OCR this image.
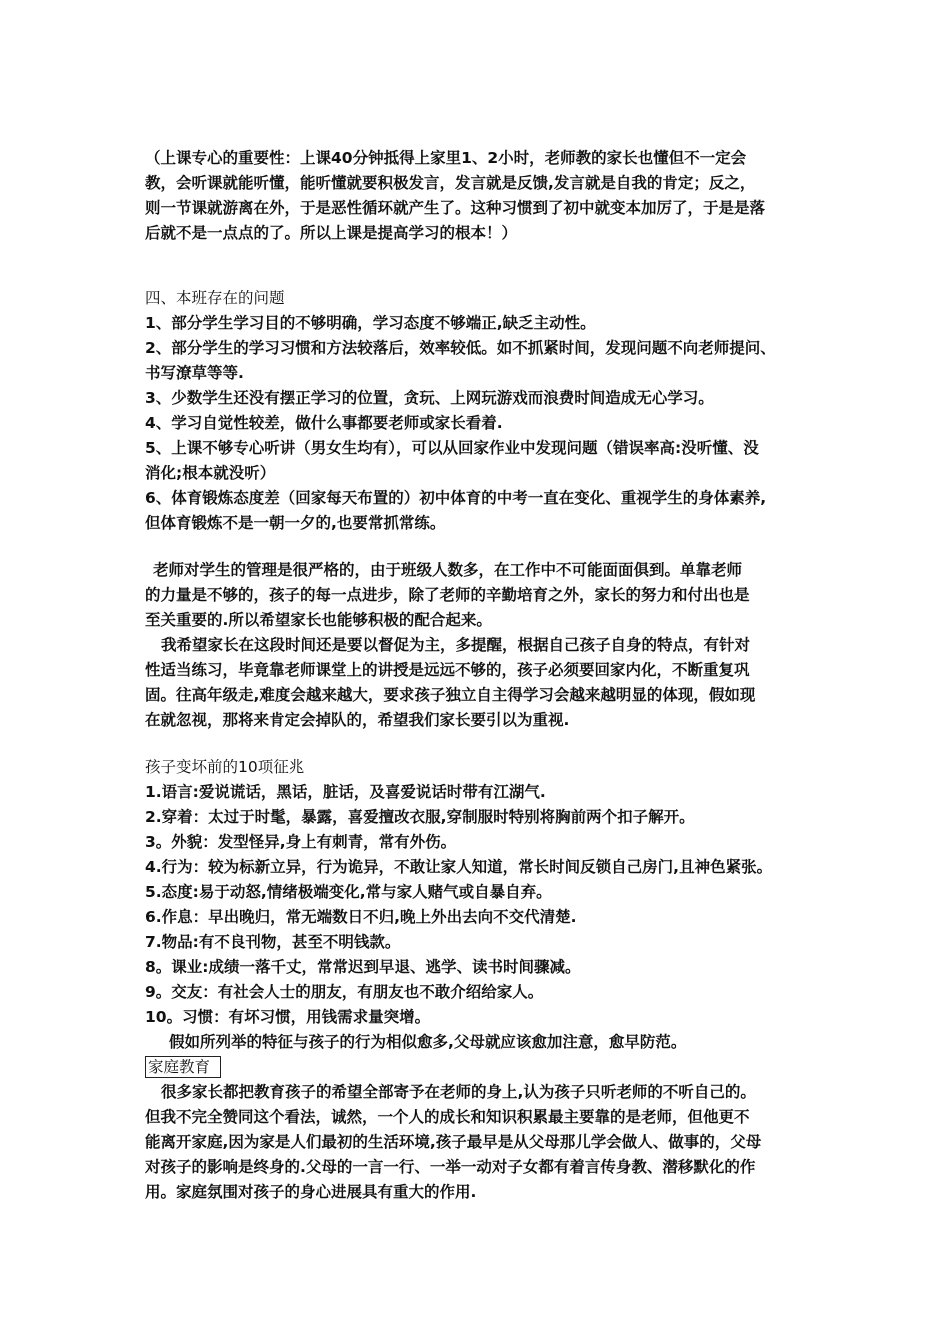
（上课专心的重要性：上课40分钟抵得上家里1、2小时，老师教的家长也懂但不一定会
教，会听课就能听懂，能听懂就要积极发言，发言就是反馈,发言就是自我的肯定；反之，
则一节课就游离在外，于是恶性循环就产生了。这种习惯到了初中就变本加厉了，于是是落
后就不是一点点的了。所以上课是提高学习的根本！）
四、本班存在的问题
1、部分学生学习目的不够明确，学习态度不够端正,缺乏主动性。
2、部分学生的学习习惯和方法较落后，效率较低。如不抓紧时间，发现问题不向老师提问、
书写潦草等等.
3、少数学生还没有摆正学习的位置，贪玩、上网玩游戏而浪费时间造成无心学习。
4、学习自觉性较差，做什么事都要老师或家长看着.
5、上课不够专心听讲（男女生均有），可以从回家作业中发现问题（错误率高:没听懂、没
消化;根本就没听）
6、体育锻炼态度差（回家每天布置的）初中体育的中考一直在变化、重视学生的身体素养,
但体育锻炼不是一朝一夕的,也要常抓常练。
老师对学生的管理是很严格的，由于班级人数多，在工作中不可能面面俱到。单靠老师
的力量是不够的，孩子的每一点进步，除了老师的辛勤培育之外，家长的努力和付出也是
至关重要的.所以希望家长也能够积极的配合起来。
我希望家长在这段时间还是要以督促为主，多提醒，根据自己孩子自身的特点，有针对
性适当练习，毕竟靠老师课堂上的讲授是远远不够的，孩子必须要回家内化，不断重复巩
固。往高年级走,难度会越来越大，要求孩子独立自主得学习会越来越明显的体现，假如现
在就忽视，那将来肯定会掉队的，希望我们家长要引以为重视.
孩子变坏前的10项征兆
1.语言:爱说谎话，黑话，脏话，及喜爱说话时带有江湖气.
2.穿着：太过于时髦，暴露，喜爱擅改衣服,穿制服时特别将胸前两个扣子解开。
3。外貌：发型怪异,身上有刺青，常有外伤。
4.行为：较为标新立异，行为诡异，不敢让家人知道，常长时间反锁自己房门,且神色紧张。
5.态度:易于动怒,情绪极端变化,常与家人赌气或自暴自弃。
6.作息：早出晚归，常无端数日不归,晚上外出去向不交代清楚.
7.物品:有不良刊物，甚至不明钱款。
8。课业:成绩一落千丈，常常迟到早退、逃学、读书时间骤减。
9。交友：有社会人士的朋友，有朋友也不敢介绍给家人。
10。习惯：有坏习惯，用钱需求量突增。
假如所列举的特征与孩子的行为相似愈多,父母就应该愈加注意，愈早防范。
家庭教育
很多家长都把教育孩子的希望全部寄予在老师的身上,认为孩子只听老师的不听自己的。
但我不完全赞同这个看法，诚然，一个人的成长和知识积累最主要靠的是老师，但他更不
能离开家庭,因为家是人们最初的生活环境,孩子最早是从父母那儿学会做人、做事的，父母
对孩子的影响是终身的.父母的一言一行、一举一动对子女都有着言传身教、潜移默化的作
用。家庭氛围对孩子的身心进展具有重大的作用.
